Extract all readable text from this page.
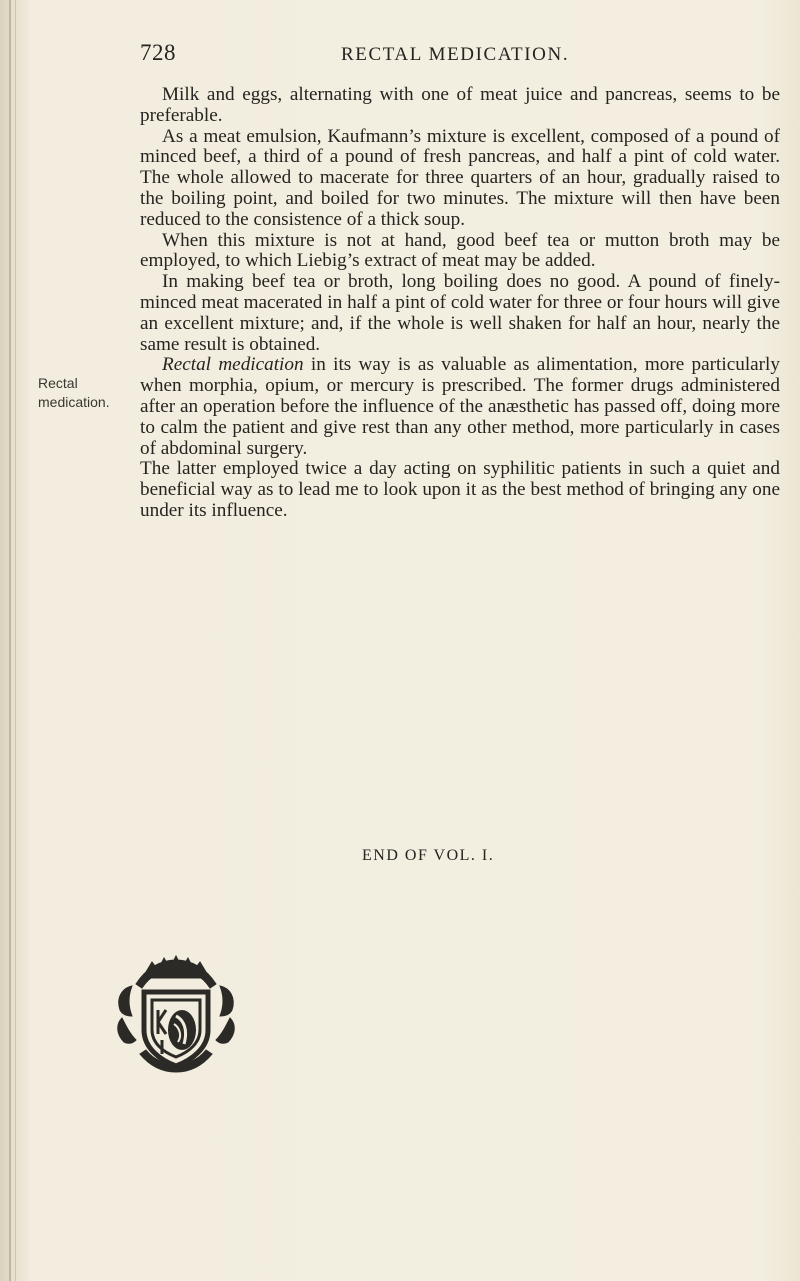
728	RECTAL MEDICATION.
Rectal
medication.

Milk and eggs, alternating with one of meat juice and pancreas, seems to be preferable.

As a meat emulsion, Kaufmann’s mixture is excellent, composed of a pound of minced beef, a third of a pound of fresh pancreas, and half a pint of cold water. The whole allowed to macerate for three quarters of an hour, gradually raised to the boiling point, and boiled for two minutes. The mixture will then have been reduced to the consistence of a thick soup.

When this mixture is not at hand, good beef tea or mutton broth may be employed, to which Liebig’s extract of meat may be added.

In making beef tea or broth, long boiling does no good. A pound of finely-minced meat macerated in half a pint of cold water for three or four hours will give an excellent mixture; and, if the whole is well shaken for half an hour, nearly the same result is obtained.

Rectal medication in its way is as valuable as alimentation, more particularly when morphia, opium, or mercury is prescribed. The former drugs administered after an operation before the influence of the anæsthetic has passed off, doing more to calm the patient and give rest than any other method, more particularly in cases of abdominal surgery.

The latter employed twice a day acting on syphilitic patients in such a quiet and beneficial way as to lead me to look upon it as the best method of bringing any one under its influence.

END OF VOL. I.
